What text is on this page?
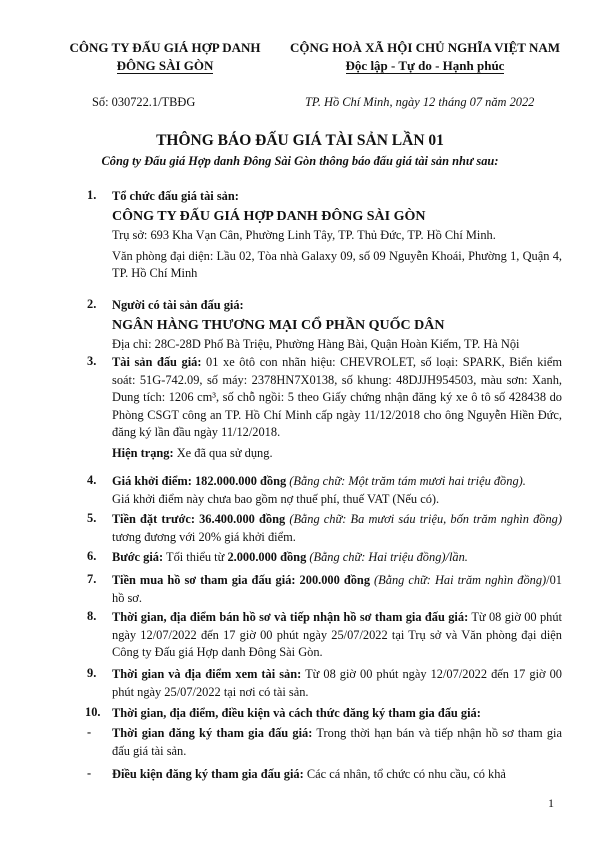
CÔNG TY ĐẤU GIÁ HỢP DANH
ĐÔNG SÀI GÒN
CỘNG HOÀ XÃ HỘI CHỦ NGHĨA VIỆT NAM
Độc lập - Tự do - Hạnh phúc
Số: 030722.1/TBĐG	TP. Hồ Chí Minh, ngày 12 tháng 07 năm 2022
THÔNG BÁO ĐẤU GIÁ TÀI SẢN LẦN 01
Công ty Đấu giá Hợp danh Đông Sài Gòn thông báo đấu giá tài sản như sau:
1. Tổ chức đấu giá tài sản:
CÔNG TY ĐẤU GIÁ HỢP DANH ĐÔNG SÀI GÒN
Trụ sở: 693 Kha Vạn Cân, Phường Linh Tây, TP. Thủ Đức, TP. Hồ Chí Minh.
Văn phòng đại diện: Lầu 02, Tòa nhà Galaxy 09, số 09 Nguyễn Khoái, Phường 1, Quận 4, TP. Hồ Chí Minh
2. Người có tài sản đấu giá:
NGÂN HÀNG THƯƠNG MẠI CỔ PHẦN QUỐC DÂN
Địa chỉ: 28C-28D Phố Bà Triệu, Phường Hàng Bài, Quận Hoàn Kiếm, TP. Hà Nội
3. Tài sản đấu giá: 01 xe ôtô con nhãn hiệu: CHEVROLET, số loại: SPARK, Biển kiểm soát: 51G-742.09, số máy: 2378HN7X0138, số khung: 48DJJH954503, màu sơn: Xanh, Dung tích: 1206 cm³, số chỗ ngồi: 5 theo Giấy chứng nhận đăng ký xe ô tô số 428438 do Phòng CSGT công an TP. Hồ Chí Minh cấp ngày 11/12/2018 cho ông Nguyễn Hiền Đức, đăng ký lần đầu ngày 11/12/2018.
Hiện trạng: Xe đã qua sử dụng.
4. Giá khởi điểm: 182.000.000 đồng (Bằng chữ: Một trăm tám mươi hai triệu đồng).
Giá khởi điểm này chưa bao gồm nợ thuế phí, thuế VAT (Nếu có).
5. Tiền đặt trước: 36.400.000 đồng (Bằng chữ: Ba mươi sáu triệu, bốn trăm nghìn đồng) tương đương với 20% giá khởi điểm.
6. Bước giá: Tối thiểu từ 2.000.000 đồng (Bằng chữ: Hai triệu đồng)/lần.
7. Tiền mua hồ sơ tham gia đấu giá: 200.000 đồng (Bằng chữ: Hai trăm nghìn đồng)/01 hồ sơ.
8. Thời gian, địa điểm bán hồ sơ và tiếp nhận hồ sơ tham gia đấu giá: Từ 08 giờ 00 phút ngày 12/07/2022 đến 17 giờ 00 phút ngày 25/07/2022 tại Trụ sở và Văn phòng đại diện Công ty Đấu giá Hợp danh Đông Sài Gòn.
9. Thời gian và địa điểm xem tài sản: Từ 08 giờ 00 phút ngày 12/07/2022 đến 17 giờ 00 phút ngày 25/07/2022 tại nơi có tài sản.
10. Thời gian, địa điểm, điều kiện và cách thức đăng ký tham gia đấu giá:
- Thời gian đăng ký tham gia đấu giá: Trong thời hạn bán và tiếp nhận hồ sơ tham gia đấu giá tài sản.
- Điều kiện đăng ký tham gia đấu giá: Các cá nhân, tổ chức có nhu cầu, có khả
1
